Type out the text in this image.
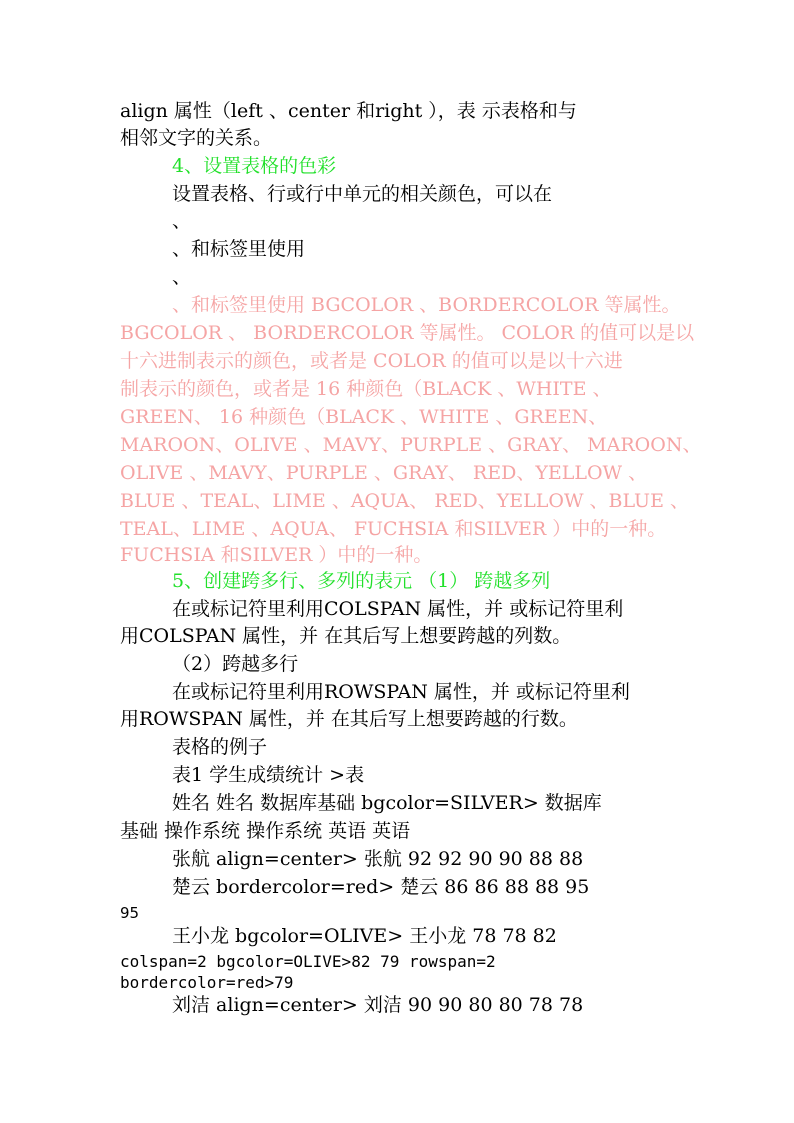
align 属性（left 、center 和right ），表 示表格和与
相邻文字的关系。
4、设置表格的色彩
设置表格、行或行中单元的相关颜色，可以在
、
、和标签里使用
、
、和标签里使用 BGCOLOR 、BORDERCOLOR 等属性。
BGCOLOR 、 BORDERCOLOR 等属性。 COLOR 的值可以是以
十六进制表示的颜色，或者是 COLOR 的值可以是以十六进
制表示的颜色，或者是 16 种颜色（BLACK 、WHITE 、
GREEN、 16 种颜色（BLACK 、WHITE 、GREEN、
MAROON、OLIVE 、MAVY、PURPLE 、GRAY、 MAROON、
OLIVE 、MAVY、PURPLE 、GRAY、 RED、YELLOW 、
BLUE 、TEAL、LIME 、AQUA、 RED、YELLOW 、BLUE 、
TEAL、LIME 、AQUA、 FUCHSIA 和SILVER ）中的一种。
FUCHSIA 和SILVER ）中的一种。
5、创建跨多行、多列的表元 （1） 跨越多列
在或标记符里利用COLSPAN 属性，并 或标记符里利
用COLSPAN 属性，并 在其后写上想要跨越的列数。
（2）跨越多行
在或标记符里利用ROWSPAN 属性，并 或标记符里利
用ROWSPAN 属性，并 在其后写上想要跨越的行数。
表格的例子
表1 学生成绩统计 >表
姓名 姓名 数据库基础 bgcolor=SILVER> 数据库
基础 操作系统 操作系统 英语 英语
张航 align=center> 张航 92 92 90 90 88 88
楚云 bordercolor=red> 楚云 86 86 88 88 95
95
王小龙 bgcolor=OLIVE> 王小龙 78 78 82
colspan=2 bgcolor=OLIVE>82 79 rowspan=2
bordercolor=red>79
刘洁 align=center> 刘洁 90 90 80 80 78 78
